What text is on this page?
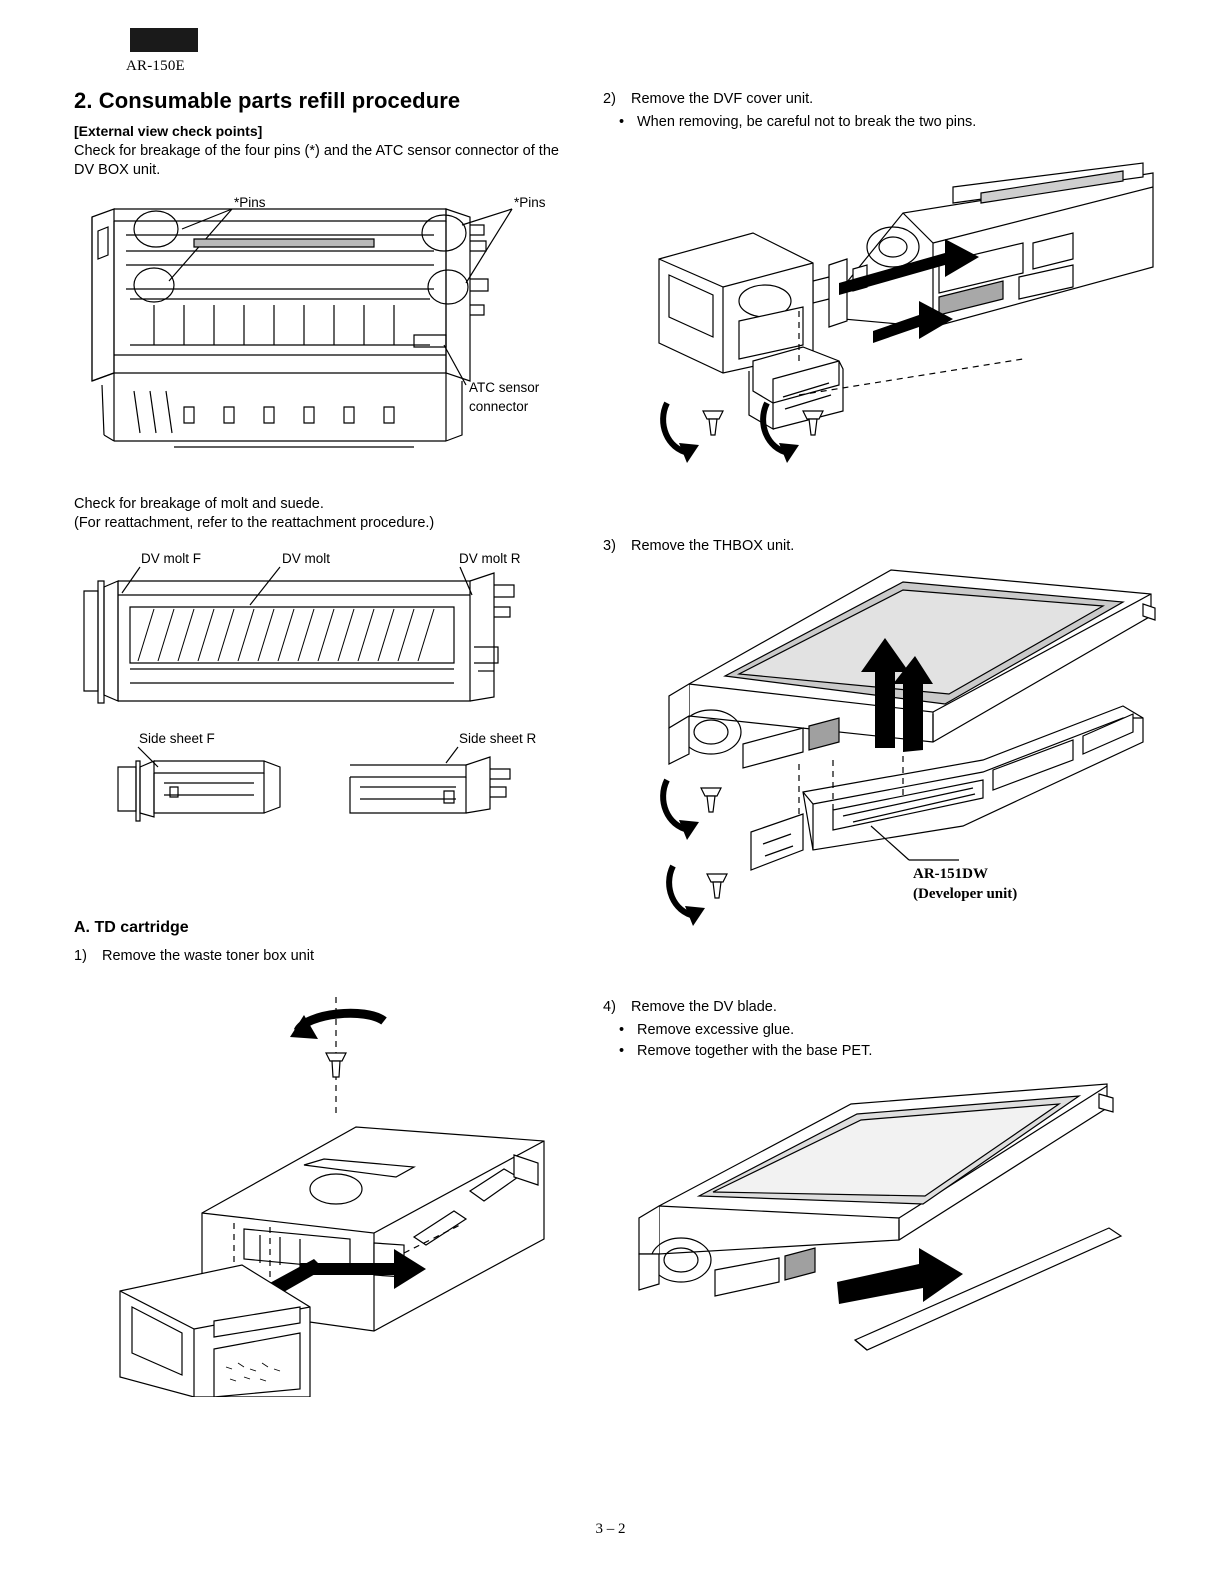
AR-150E
2. Consumable parts refill procedure
[External view check points]

Check for breakage of the four pins (*) and the ATC sensor connector of the DV BOX unit.

*Pins	*Pins
ATC sensor
connector

Check for breakage of molt and suede.

(For reattachment, refer to the reattachment procedure.)

DV molt F	DV molt	DV molt R
Side sheet F	Side sheet R
A. TD cartridge

1) Remove the waste toner box unit

2) Remove the DVF cover unit.

• When removing, be careful not to break the two pins.

3) Remove the THBOX unit.

AR-151DW
(Developer unit)

4) Remove the DV blade.

• Remove excessive glue.
• Remove together with the base PET.
3 – 2
